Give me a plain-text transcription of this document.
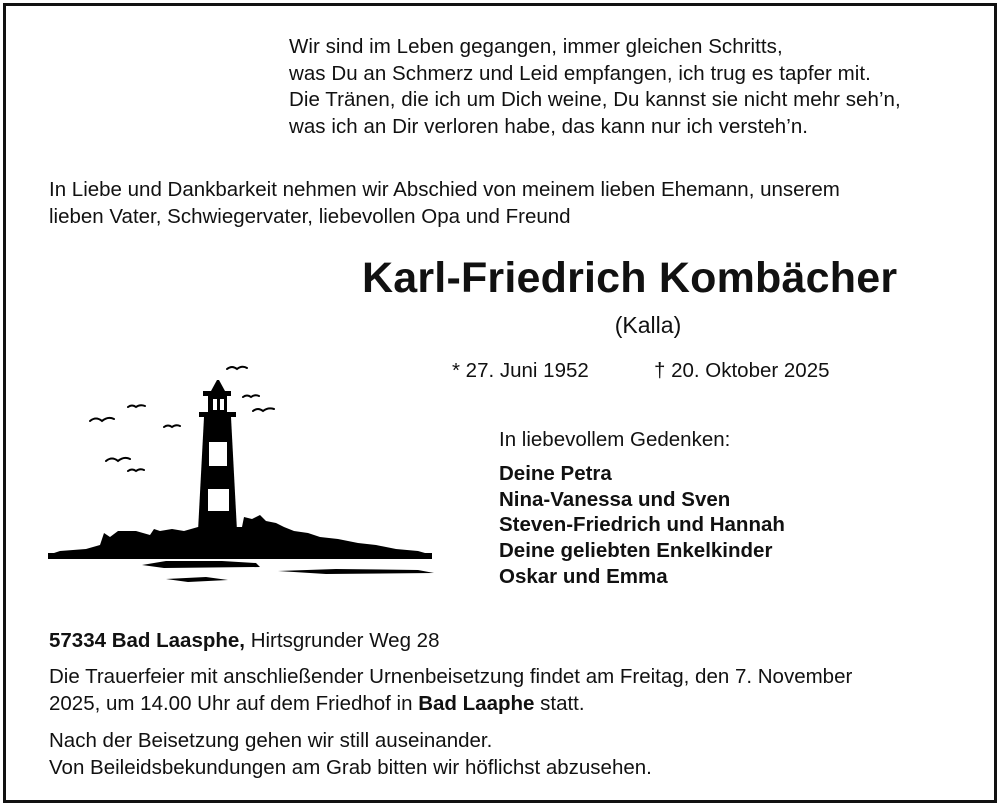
Wir sind im Leben gegangen, immer gleichen Schritts,
was Du an Schmerz und Leid empfangen, ich trug es tapfer mit.
Die Tränen, die ich um Dich weine, Du kannst sie nicht mehr seh’n,
was ich an Dir verloren habe, das kann nur ich versteh’n.
In Liebe und Dankbarkeit nehmen wir Abschied von meinem lieben Ehemann, unserem
lieben Vater, Schwiegervater, liebevollen Opa und Freund
Karl-Friedrich Kombächer
(Kalla)
* 27. Juni 1952	† 20. Oktober 2025
In liebevollem Gedenken:
Deine Petra
Nina-Vanessa und Sven
Steven-Friedrich und Hannah
Deine geliebten Enkelkinder
Oskar und Emma
57334 Bad Laasphe, Hirtsgrunder Weg 28
Die Trauerfeier mit anschließender Urnenbeisetzung findet am Freitag, den 7. November
2025, um 14.00 Uhr auf dem Friedhof in Bad Laaphe statt.
Nach der Beisetzung gehen wir still auseinander.
Von Beileidsbekundungen am Grab bitten wir höflichst abzusehen.
